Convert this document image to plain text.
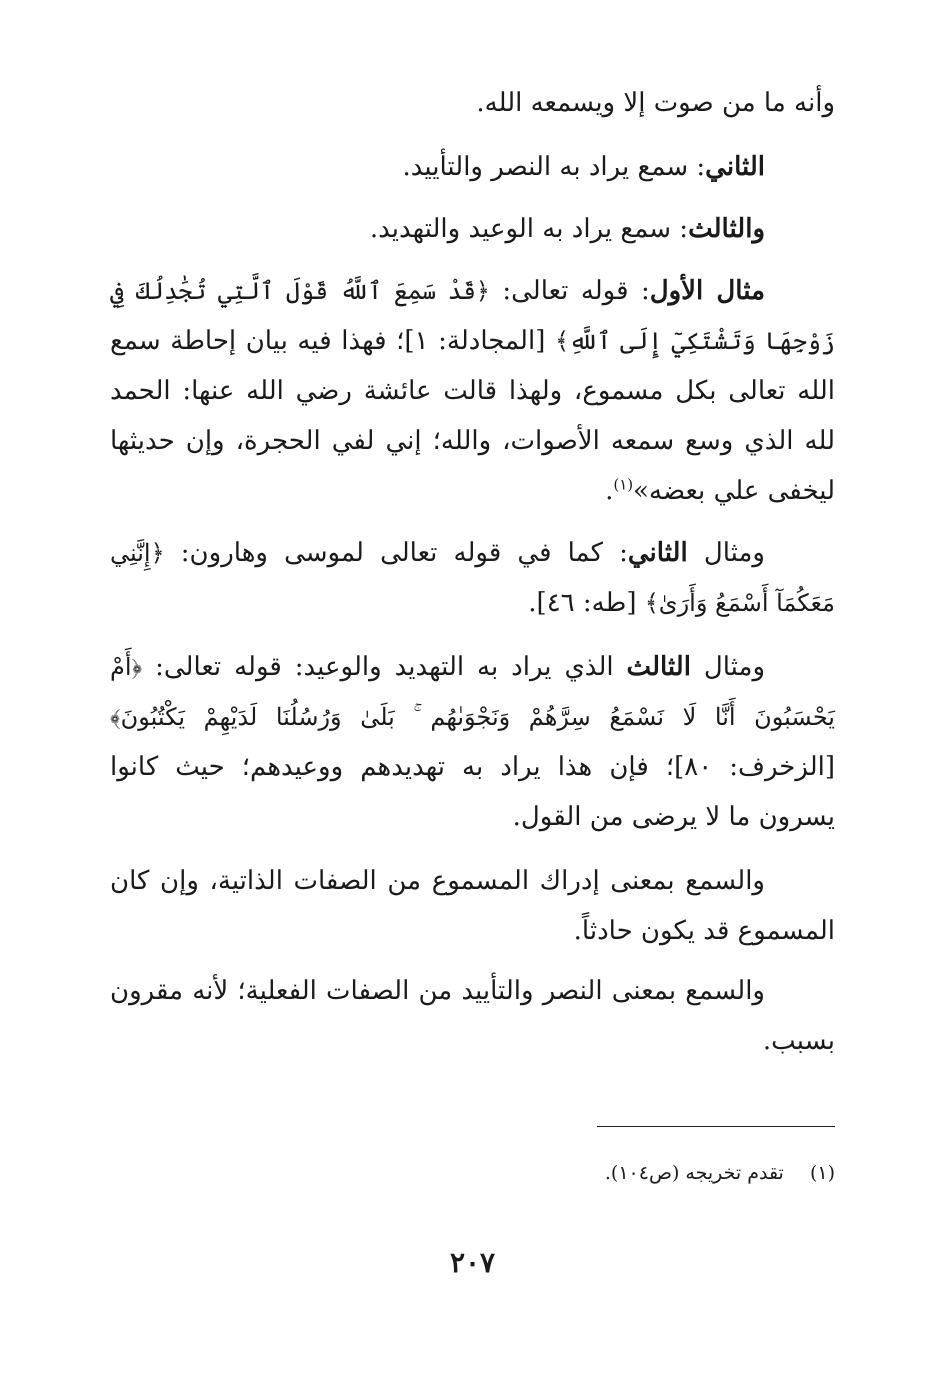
وأنه ما من صوت إلا ويسمعه الله.
الثاني: سمع يراد به النصر والتأييد.
والثالث: سمع يراد به الوعيد والتهديد.
مثال الأول: قوله تعالى: ﴿قَدْ سَمِعَ ٱللَّهُ قَوْلَ ٱلَّتِي تُجَٰدِلُكَ فِي زَوْجِهَا وَتَشْتَكِيٓ إِلَى ٱللَّهِ﴾ [المجادلة: ١]؛ فهذا فيه بيان إحاطة سمع الله تعالى بكل مسموع، ولهذا قالت عائشة رضي الله عنها: الحمد لله الذي وسع سمعه الأصوات، والله؛ إني لفي الحجرة، وإن حديثها ليخفى علي بعضه»$^{(١)}$.
ومثال الثاني: كما في قوله تعالى لموسى وهارون: ﴿إِنَّنِي مَعَكُمَآ أَسْمَعُ وَأَرَىٰ﴾ [طه: ٤٦].
ومثال الثالث الذي يراد به التهديد والوعيد: قوله تعالى: ﴿أَمْ يَحْسَبُونَ أَنَّا لَا نَسْمَعُ سِرَّهُمْ وَنَجْوَىٰهُم ۚ بَلَىٰ وَرُسُلُنَا لَدَيْهِمْ يَكْتُبُونَ﴾ [الزخرف: ٨٠]؛ فإن هذا يراد به تهديدهم ووعيدهم؛ حيث كانوا يسرون ما لا يرضى من القول.
والسمع بمعنى إدراك المسموع من الصفات الذاتية، وإن كان المسموع قد يكون حادثاً.
والسمع بمعنى النصر والتأييد من الصفات الفعلية؛ لأنه مقرون بسبب.
(١)  تقدم تخريجه (ص١٠٤).
٢٠٧
